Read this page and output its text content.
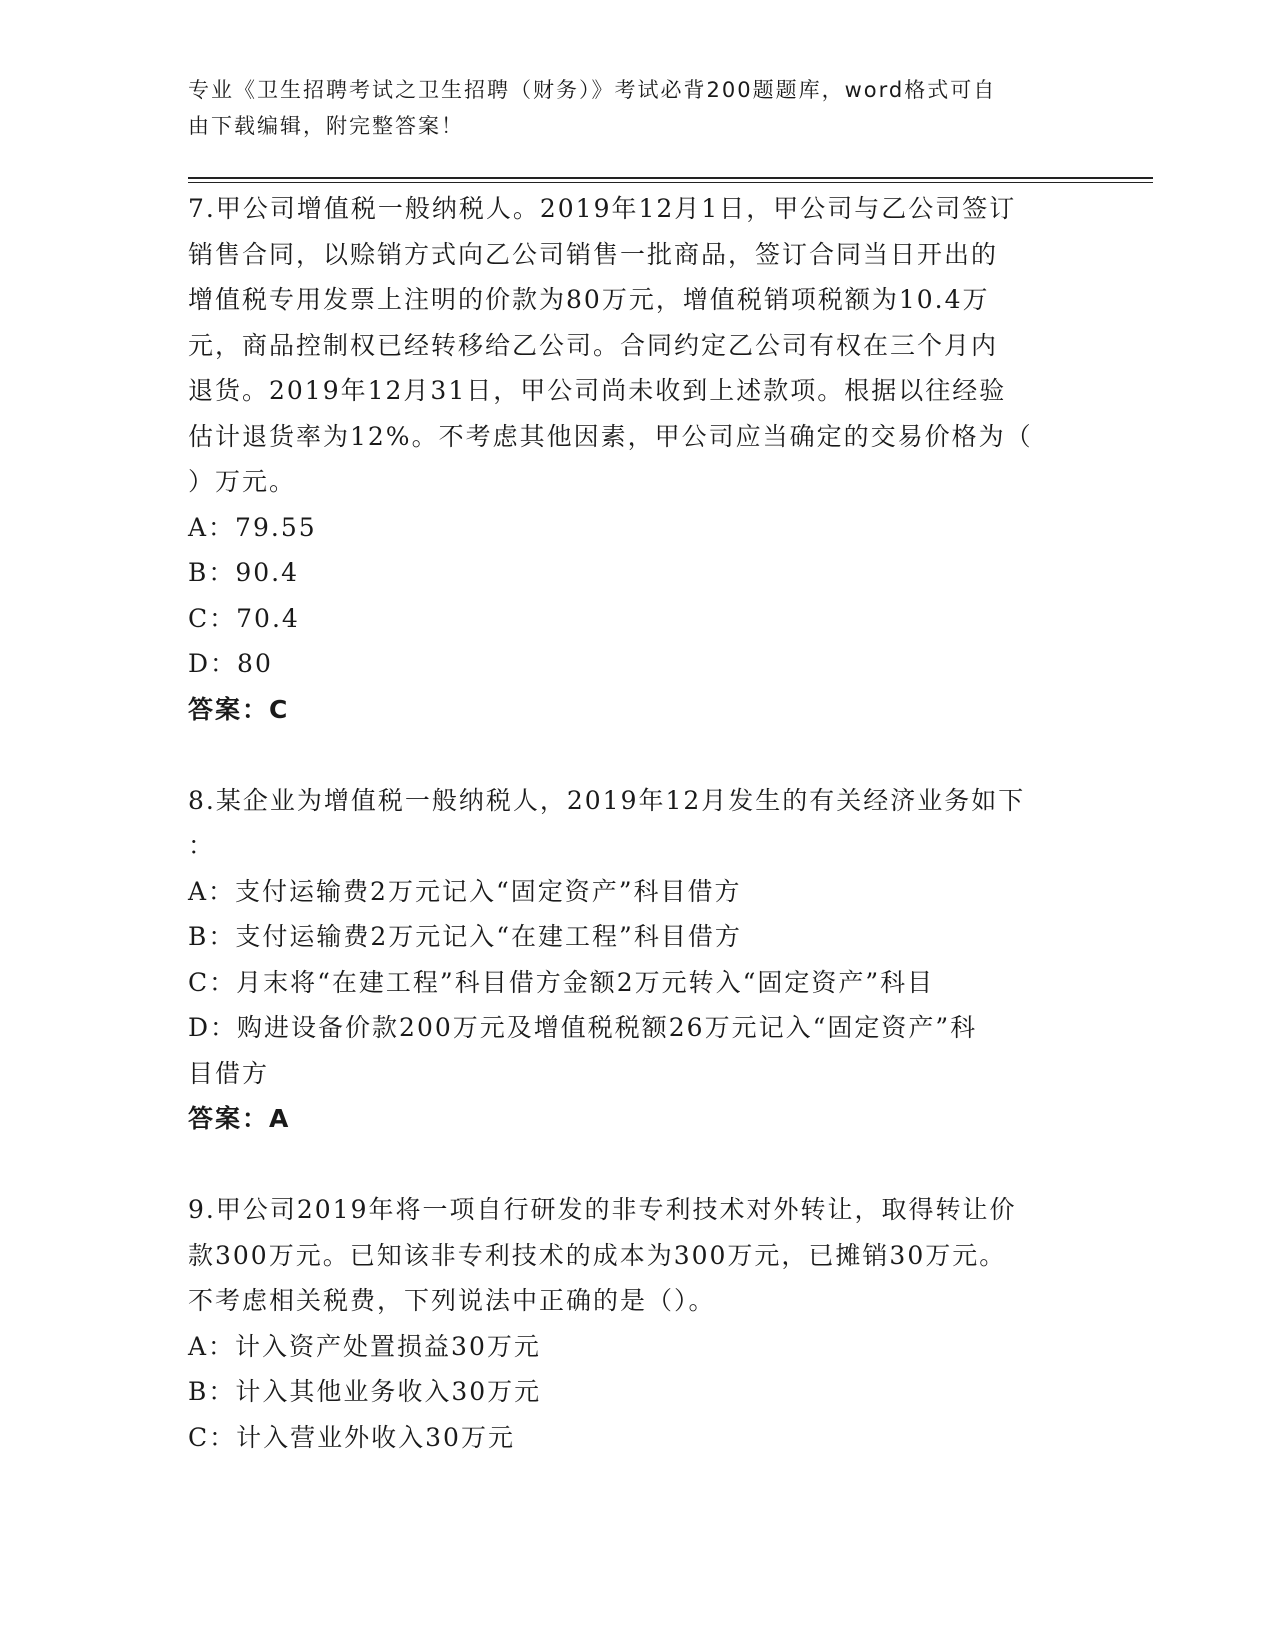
专业《卫生招聘考试之卫生招聘（财务）》考试必背200题题库，word格式可自
由下载编辑，附完整答案！

7.甲公司增值税一般纳税人。2019年12月1日，甲公司与乙公司签订

销售合同，以赊销方式向乙公司销售一批商品，签订合同当日开出的

增值税专用发票上注明的价款为80万元，增值税销项税额为10.4万

元，商品控制权已经转移给乙公司。合同约定乙公司有权在三个月内

退货。2019年12月31日，甲公司尚未收到上述款项。根据以往经验

估计退货率为12%。不考虑其他因素，甲公司应当确定的交易价格为（

）万元。

A：79.55

B：90.4

C：70.4

D：80

答案：C

8.某企业为增值税一般纳税人，2019年12月发生的有关经济业务如下

：

A：支付运输费2万元记入“固定资产”科目借方

B：支付运输费2万元记入“在建工程”科目借方

C：月末将“在建工程”科目借方金额2万元转入“固定资产”科目

D：购进设备价款200万元及增值税税额26万元记入“固定资产”科

目借方

答案：A

9.甲公司2019年将一项自行研发的非专利技术对外转让，取得转让价

款300万元。已知该非专利技术的成本为300万元，已摊销30万元。

不考虑相关税费，下列说法中正确的是（）。

A：计入资产处置损益30万元

B：计入其他业务收入30万元

C：计入营业外收入30万元
